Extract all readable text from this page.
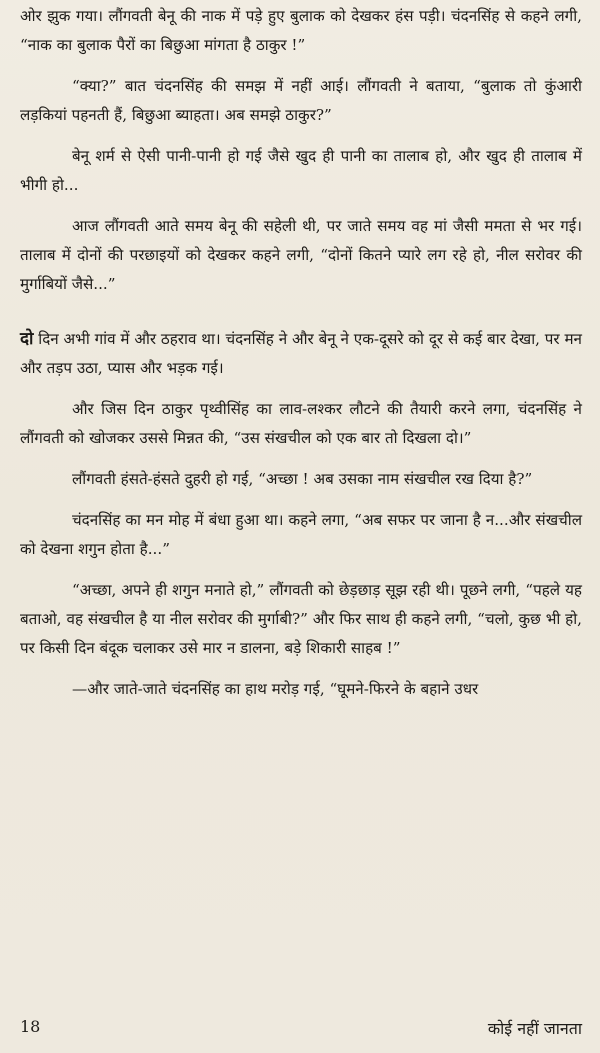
ओर झुक गया। लौंगवती बेनू की नाक में पड़े हुए बुलाक को देखकर हंस पड़ी। चंदनसिंह से कहने लगी, “नाक का बुलाक पैरों का बिछुआ मांगता है ठाकुर !”

“क्या?” बात चंदनसिंह की समझ में नहीं आई। लौंगवती ने बताया, “बुलाक तो कुंआरी लड़कियां पहनती हैं, बिछुआ ब्याहता। अब समझे ठाकुर?”

बेनू शर्म से ऐसी पानी-पानी हो गई जैसे खुद ही पानी का तालाब हो, और खुद ही तालाब में भीगी हो...

आज लौंगवती आते समय बेनू की सहेली थी, पर जाते समय वह मां जैसी ममता से भर गई। तालाब में दोनों की परछाइयों को देखकर कहने लगी, “दोनों कितने प्यारे लग रहे हो, नील सरोवर की मुर्गाबियों जैसे...”

दो दिन अभी गांव में और ठहराव था। चंदनसिंह ने और बेनू ने एक-दूसरे को दूर से कई बार देखा, पर मन और तड़प उठा, प्यास और भड़क गई।

और जिस दिन ठाकुर पृथ्वीसिंह का लाव-लश्कर लौटने की तैयारी करने लगा, चंदनसिंह ने लौंगवती को खोजकर उससे मिन्नत की, “उस संखचील को एक बार तो दिखला दो।”

लौंगवती हंसते-हंसते दुहरी हो गई, “अच्छा ! अब उसका नाम संखचील रख दिया है?”

चंदनसिंह का मन मोह में बंधा हुआ था। कहने लगा, “अब सफर पर जाना है न...और संखचील को देखना शगुन होता है...”

“अच्छा, अपने ही शगुन मनाते हो,” लौंगवती को छेड़छाड़ सूझ रही थी। पूछने लगी, “पहले यह बताओ, वह संखचील है या नील सरोवर की मुर्गाबी?” और फिर साथ ही कहने लगी, “चलो, कुछ भी हो, पर किसी दिन बंदूक चलाकर उसे मार न डालना, बड़े शिकारी साहब !”

—और जाते-जाते चंदनसिंह का हाथ मरोड़ गई, “घूमने-फिरने के बहाने उधर

18	कोई नहीं जानता
